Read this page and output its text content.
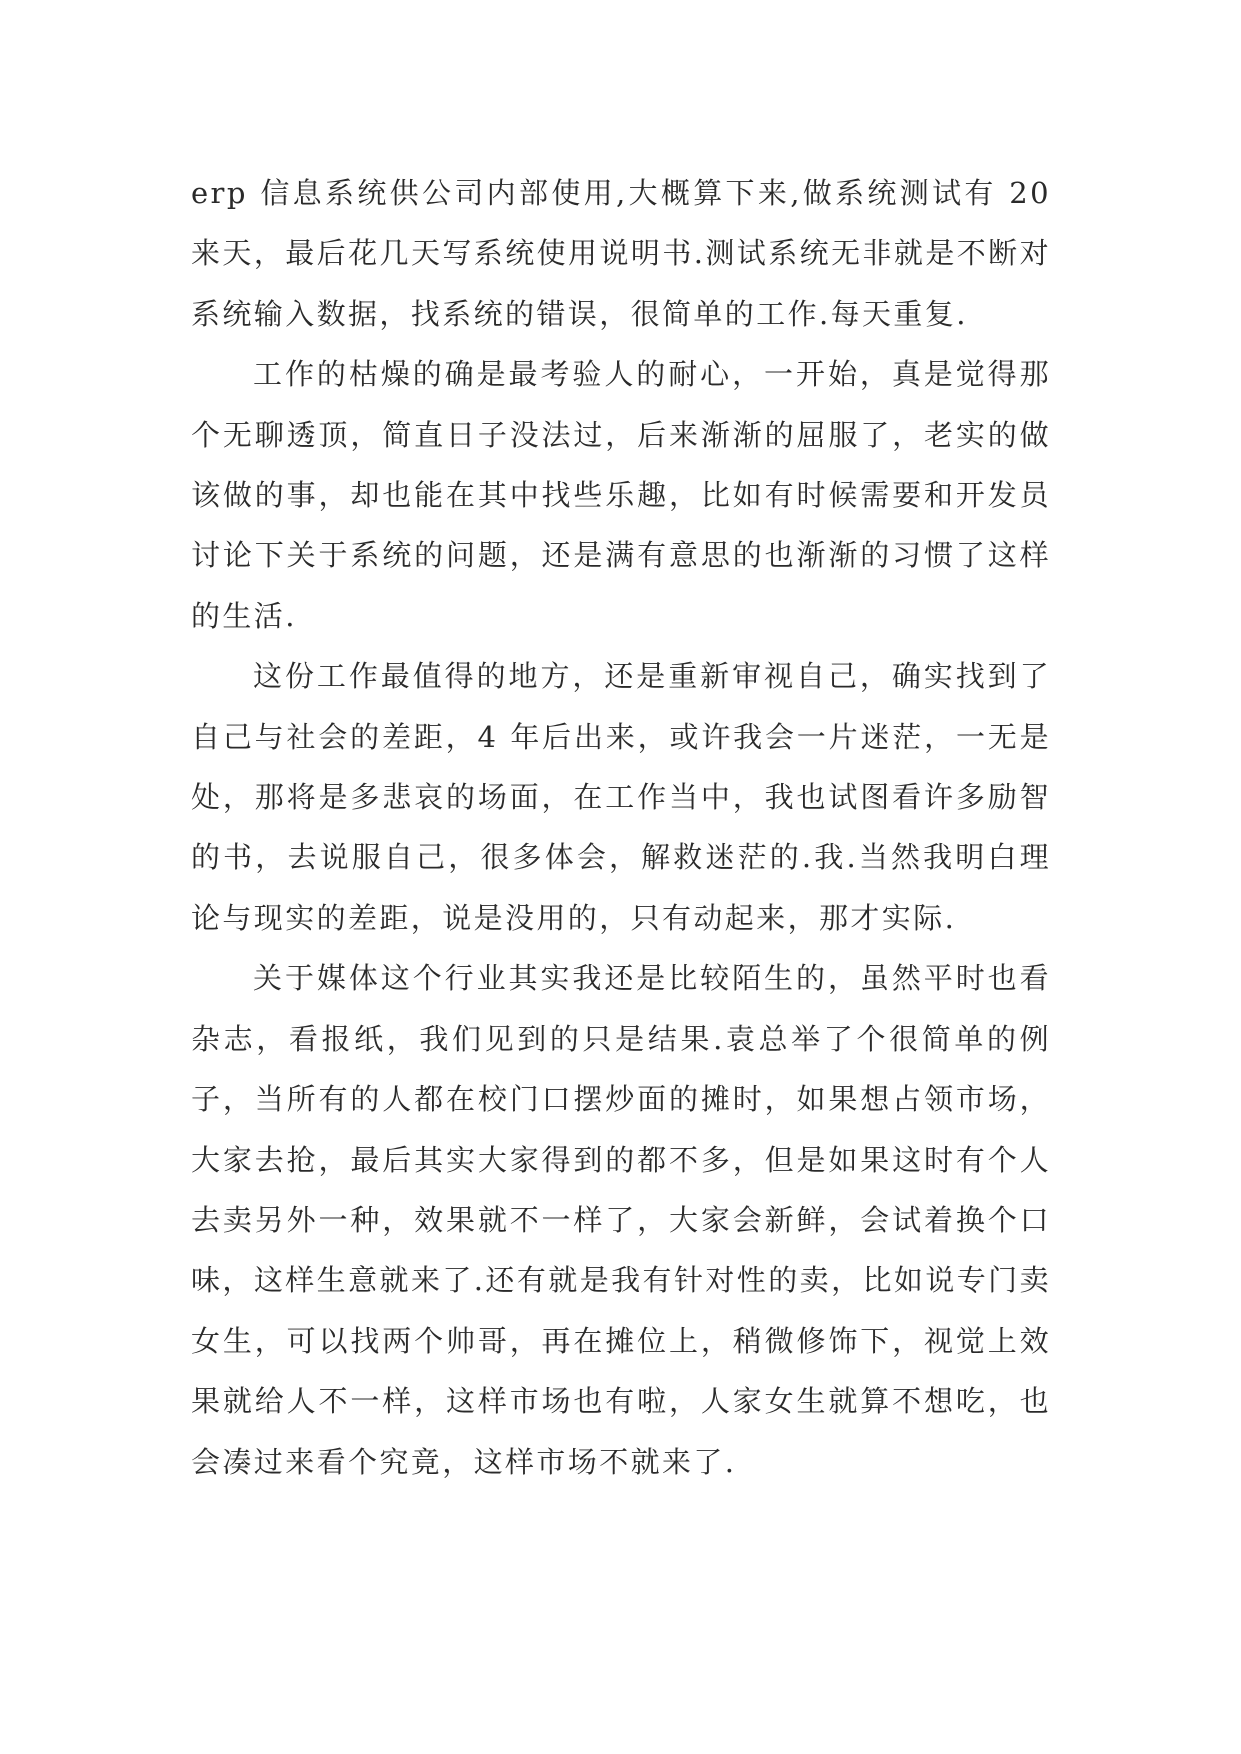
erp 信息系统供公司内部使用,大概算下来,做系统测试有 20 来天，最后花几天写系统使用说明书.测试系统无非就是不断对系统输入数据，找系统的错误，很简单的工作.每天重复.

工作的枯燥的确是最考验人的耐心，一开始，真是觉得那个无聊透顶，简直日子没法过，后来渐渐的屈服了，老实的做该做的事，却也能在其中找些乐趣，比如有时候需要和开发员讨论下关于系统的问题，还是满有意思的也渐渐的习惯了这样的生活.

这份工作最值得的地方，还是重新审视自己，确实找到了自己与社会的差距，4 年后出来，或许我会一片迷茫，一无是处，那将是多悲哀的场面，在工作当中，我也试图看许多励智的书，去说服自己，很多体会，解救迷茫的.我.当然我明白理论与现实的差距，说是没用的，只有动起来，那才实际.

关于媒体这个行业其实我还是比较陌生的，虽然平时也看杂志，看报纸，我们见到的只是结果.袁总举了个很简单的例子，当所有的人都在校门口摆炒面的摊时，如果想占领市场，大家去抢，最后其实大家得到的都不多，但是如果这时有个人去卖另外一种，效果就不一样了，大家会新鲜，会试着换个口味，这样生意就来了.还有就是我有针对性的卖，比如说专门卖女生，可以找两个帅哥，再在摊位上，稍微修饰下，视觉上效果就给人不一样，这样市场也有啦，人家女生就算不想吃，也会凑过来看个究竟，这样市场不就来了.
